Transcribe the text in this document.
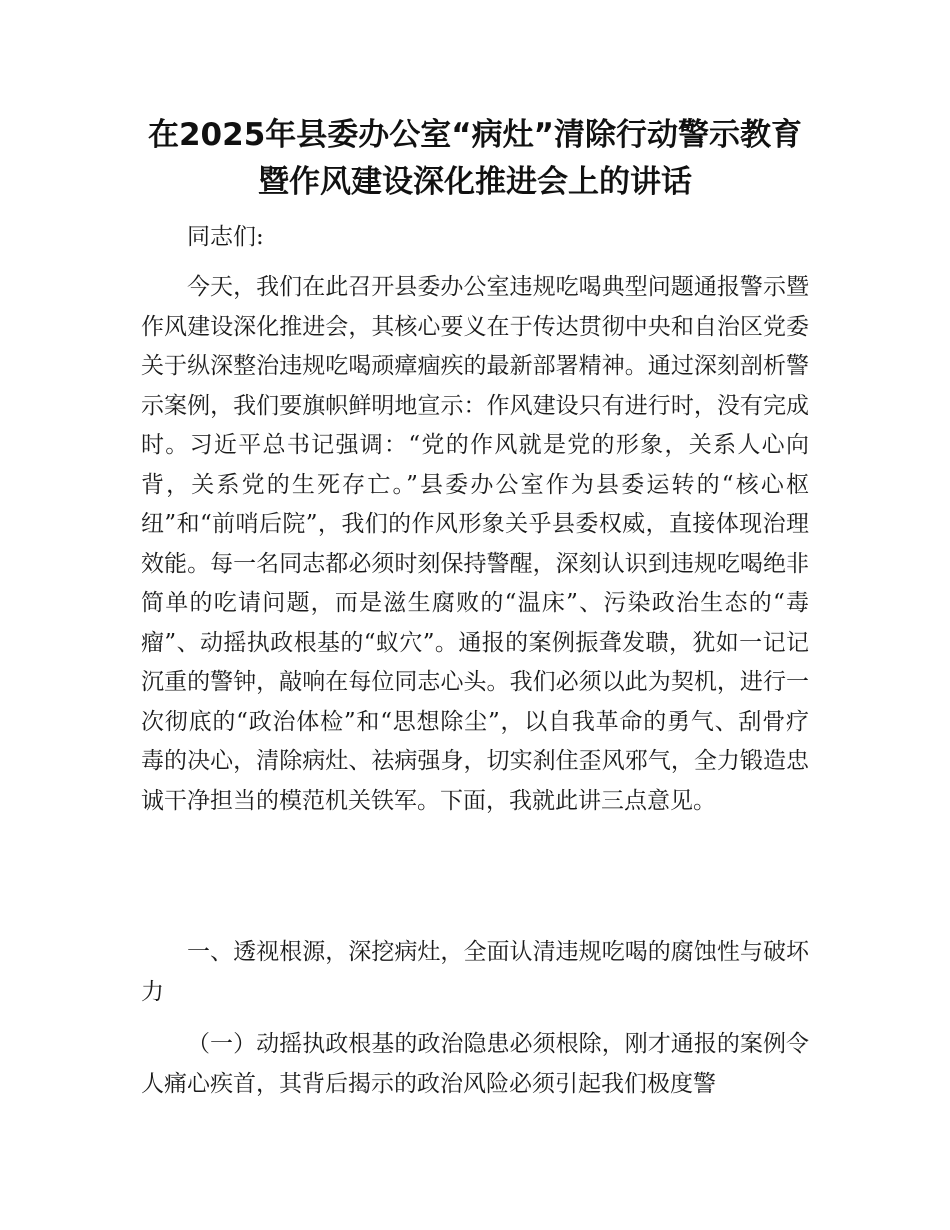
在2025年县委办公室“病灶”清除行动警示教育暨作风建设深化推进会上的讲话

同志们:

今天，我们在此召开县委办公室违规吃喝典型问题通报警示暨作风建设深化推进会，其核心要义在于传达贯彻中央和自治区党委关于纵深整治违规吃喝顽瘴痼疾的最新部署精神。通过深刻剖析警示案例，我们要旗帜鲜明地宣示：作风建设只有进行时，没有完成时。习近平总书记强调：“党的作风就是党的形象，关系人心向背，关系党的生死存亡。”县委办公室作为县委运转的“核心枢纽”和“前哨后院”，我们的作风形象关乎县委权威，直接体现治理效能。每一名同志都必须时刻保持警醒，深刻认识到违规吃喝绝非简单的吃请问题，而是滋生腐败的“温床”、污染政治生态的“毒瘤”、动摇执政根基的“蚁穴”。通报的案例振聋发聩，犹如一记记沉重的警钟，敲响在每位同志心头。我们必须以此为契机，进行一次彻底的“政治体检”和“思想除尘”，以自我革命的勇气、刮骨疗毒的决心，清除病灶、祛病强身，切实刹住歪风邪气，全力锻造忠诚干净担当的模范机关铁军。下面，我就此讲三点意见。

一、透视根源，深挖病灶，全面认清违规吃喝的腐蚀性与破坏力

（一）动摇执政根基的政治隐患必须根除，刚才通报的案例令人痛心疾首，其背后揭示的政治风险必须引起我们极度警
